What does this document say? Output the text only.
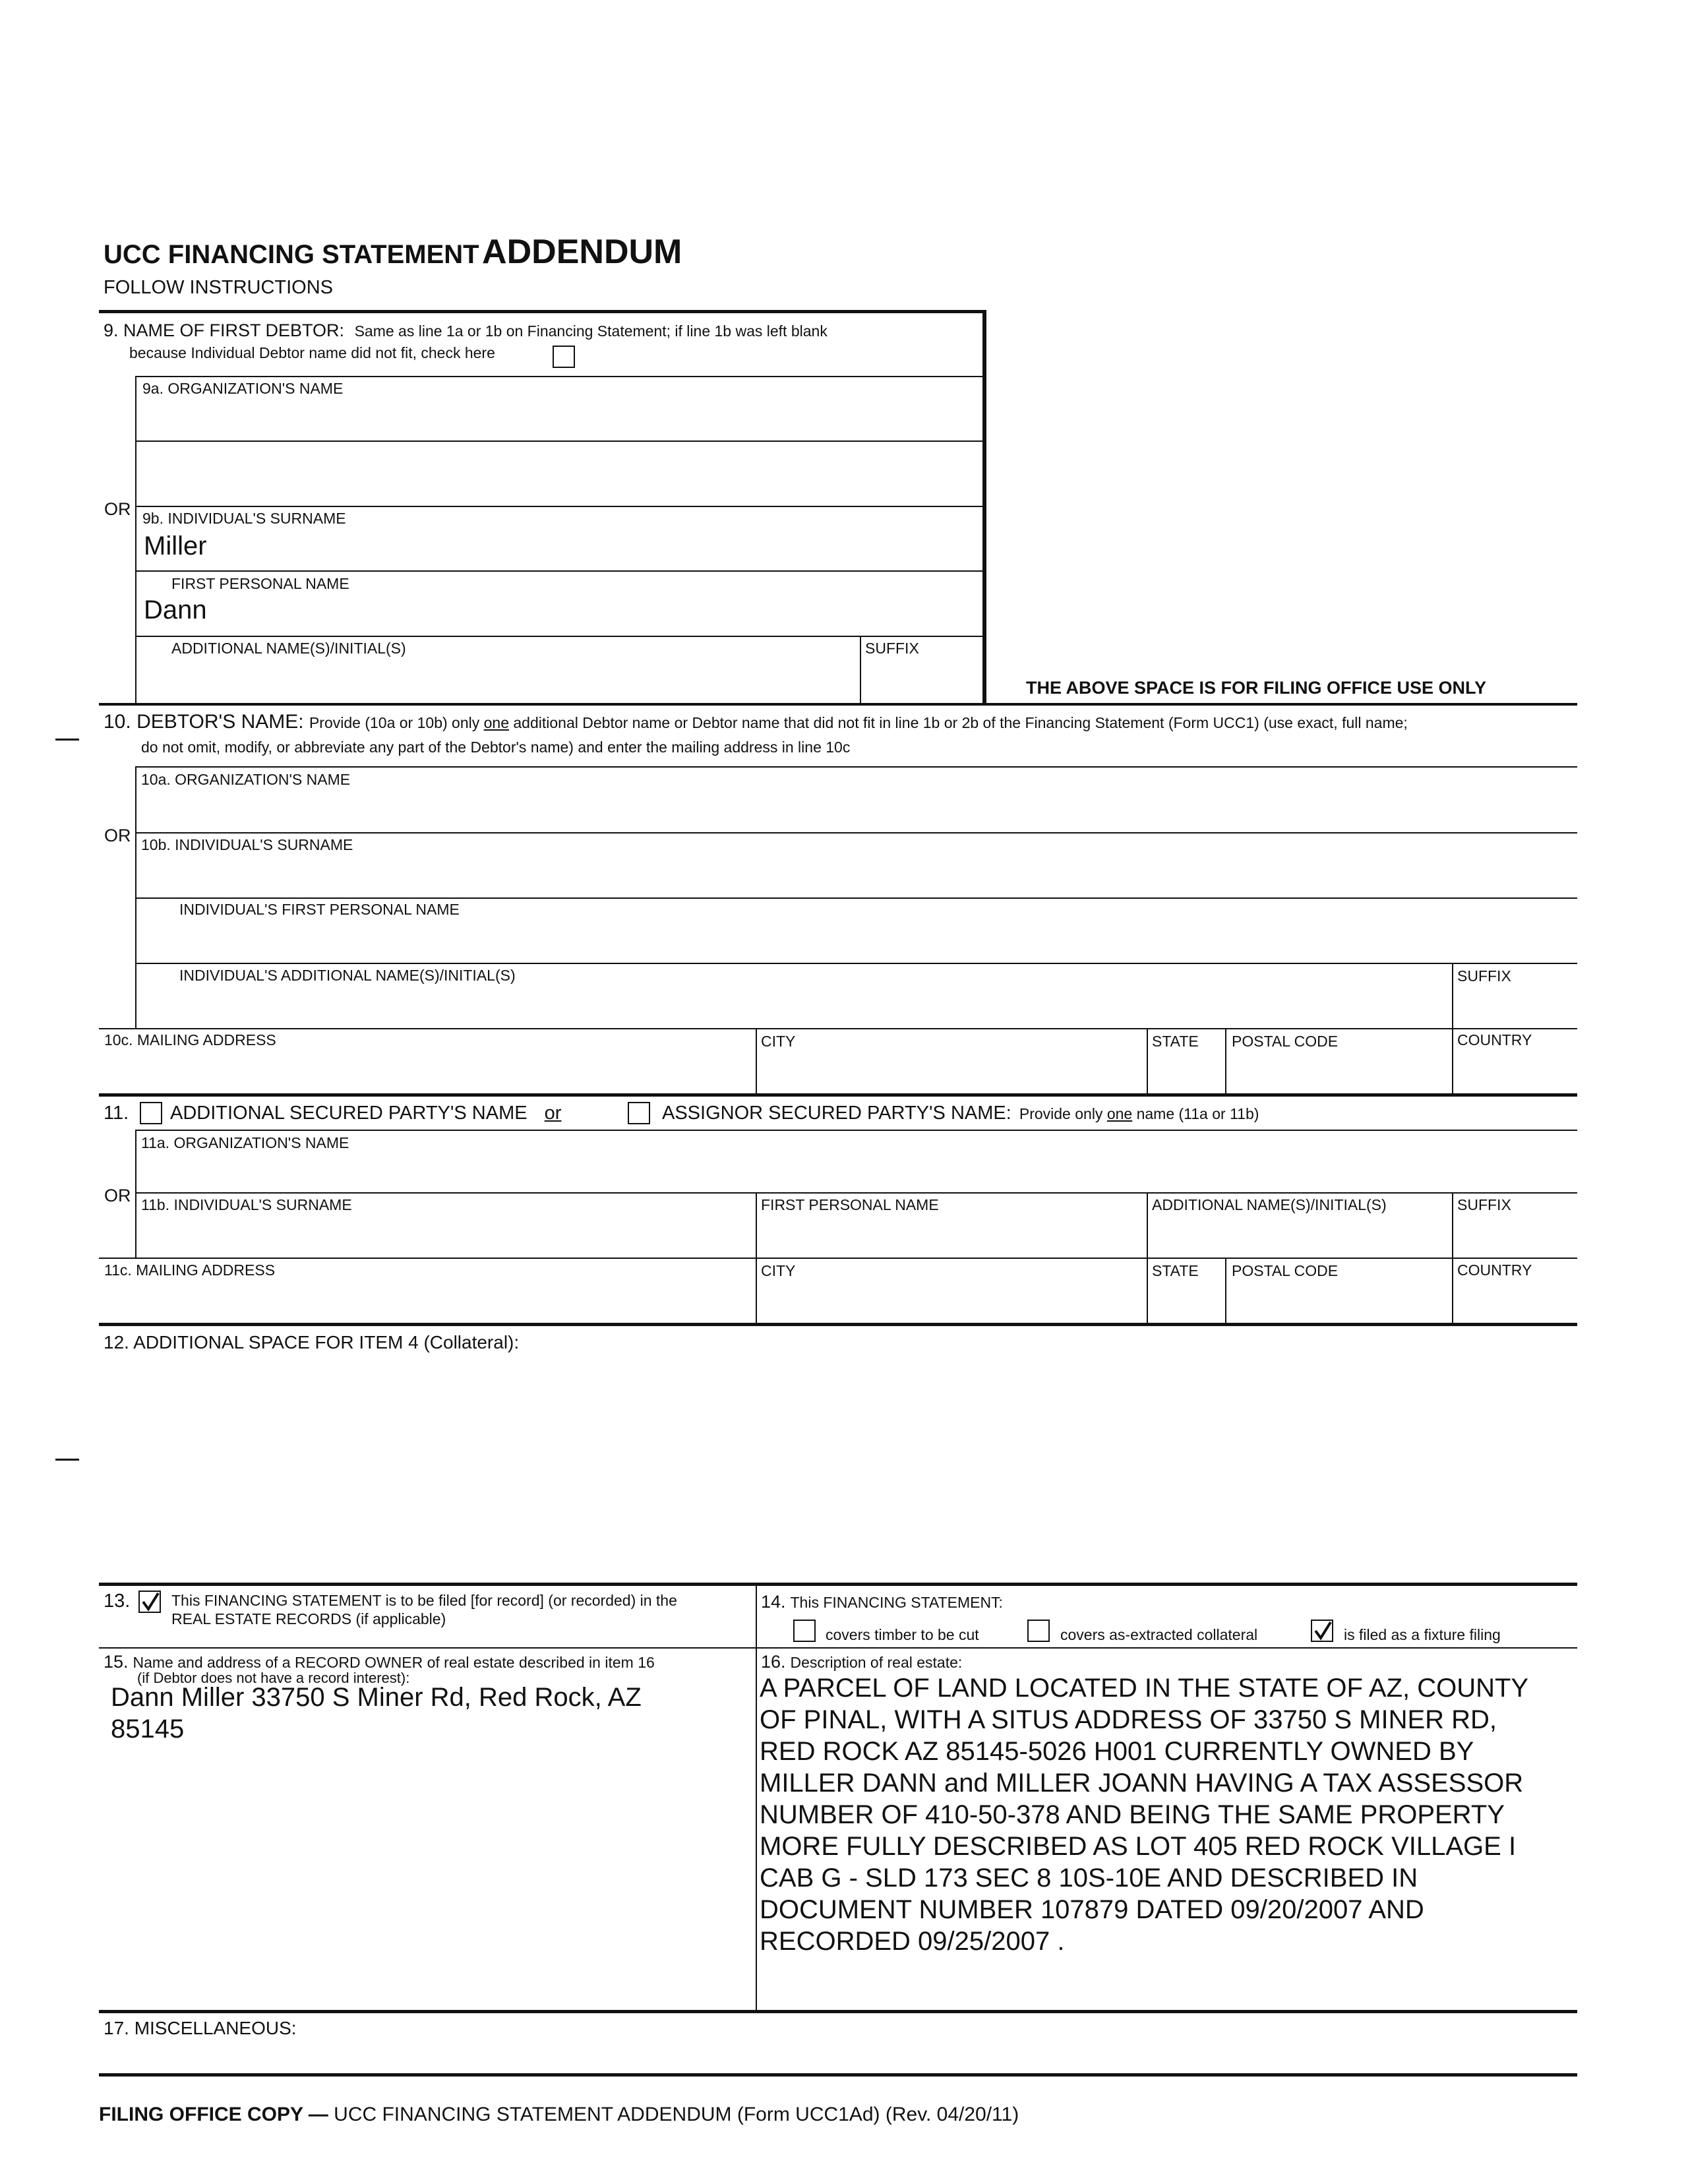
UCC FINANCING STATEMENT ADDENDUM
FOLLOW INSTRUCTIONS
9. NAME OF FIRST DEBTOR: Same as line 1a or 1b on Financing Statement; if line 1b was left blank
because Individual Debtor name did not fit, check here
9a. ORGANIZATION'S NAME
OR 9b. INDIVIDUAL'S SURNAME
Miller
FIRST PERSONAL NAME
Dann
ADDITIONAL NAME(S)/INITIAL(S)	SUFFIX
THE ABOVE SPACE IS FOR FILING OFFICE USE ONLY
10. DEBTOR'S NAME: Provide (10a or 10b) only one additional Debtor name or Debtor name that did not fit in line 1b or 2b of the Financing Statement (Form UCC1) (use exact, full name;
do not omit, modify, or abbreviate any part of the Debtor's name) and enter the mailing address in line 10c
10a. ORGANIZATION'S NAME
OR 10b. INDIVIDUAL'S SURNAME
INDIVIDUAL'S FIRST PERSONAL NAME
INDIVIDUAL'S ADDITIONAL NAME(S)/INITIAL(S)	SUFFIX
10c. MAILING ADDRESS	CITY	STATE POSTAL CODE	COUNTRY
11. ADDITIONAL SECURED PARTY'S NAME or	ASSIGNOR SECURED PARTY'S NAME: Provide only one name (11a or 11b)
11a. ORGANIZATION'S NAME
OR 11b. INDIVIDUAL'S SURNAME	FIRST PERSONAL NAME	ADDITIONAL NAME(S)/INITIAL(S)	SUFFIX
11c. MAILING ADDRESS	CITY	STATE POSTAL CODE	COUNTRY
12. ADDITIONAL SPACE FOR ITEM 4 (Collateral):
13.	This FINANCING STATEMENT is to be filed [for record] (or recorded) in the
REAL ESTATE RECORDS (if applicable)
14. This FINANCING STATEMENT:
covers timber to be cut	covers as-extracted collateral	is filed as a fixture filing
15. Name and address of a RECORD OWNER of real estate described in item 16
(if Debtor does not have a record interest):
Dann Miller 33750 S Miner Rd, Red Rock, AZ
85145
16. Description of real estate:
A PARCEL OF LAND LOCATED IN THE STATE OF AZ, COUNTY
OF PINAL, WITH A SITUS ADDRESS OF 33750 S MINER RD,
RED ROCK AZ 85145-5026 H001 CURRENTLY OWNED BY
MILLER DANN and MILLER JOANN HAVING A TAX ASSESSOR
NUMBER OF 410-50-378 AND BEING THE SAME PROPERTY
MORE FULLY DESCRIBED AS LOT 405 RED ROCK VILLAGE I
CAB G - SLD 173 SEC 8 10S-10E AND DESCRIBED IN
DOCUMENT NUMBER 107879 DATED 09/20/2007 AND
RECORDED 09/25/2007 .
17. MISCELLANEOUS:
FILING OFFICE COPY — UCC FINANCING STATEMENT ADDENDUM (Form UCC1Ad) (Rev. 04/20/11)
